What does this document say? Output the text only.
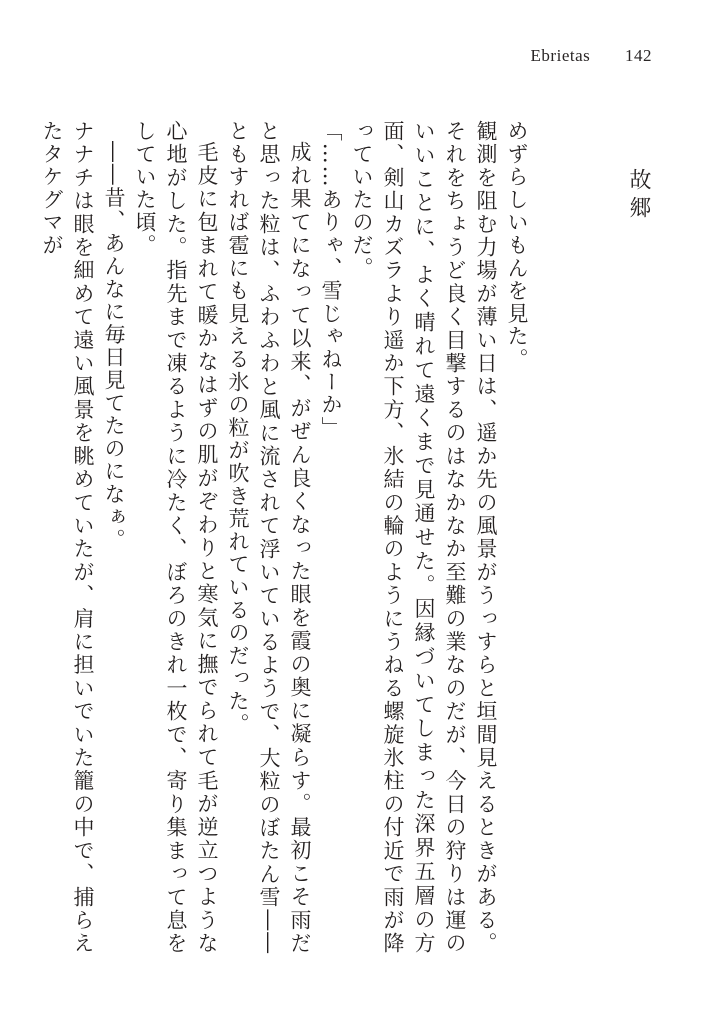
Ebrietas 142
故郷

めずらしいもんを見た。

観測を阻む力場が薄い日は、遥か先の風景がうっすらと垣間見えるときがある。それをちょうど良く目撃するのはなかなか至難の業なのだが、今日の狩りは運のいいことに、よく晴れて遠くまで見通せた。因縁づいてしまった深界五層の方面、剣山カズラより遥か下方、氷結の輪のようにうねる螺旋氷柱の付近で雨が降っていたのだ。

「……ありゃ、雪じゃねーか」

成れ果てになって以来、がぜん良くなった眼を霞の奥に凝らす。最初こそ雨だと思った粒は、ふわふわと風に流されて浮いているようで、大粒のぼたん雪――ともすれば雹にも見える氷の粒が吹き荒れているのだった。

毛皮に包まれて暖かなはずの肌がぞわりと寒気に撫でられて毛が逆立つような心地がした。指先まで凍るように冷たく、ぼろのきれ一枚で、寄り集まって息をしていた頃。

――昔、あんなに毎日見てたのになぁ。

ナナチは眼を細めて遠い風景を眺めていたが、肩に担いでいた籠の中で、捕らえたタケグマが
